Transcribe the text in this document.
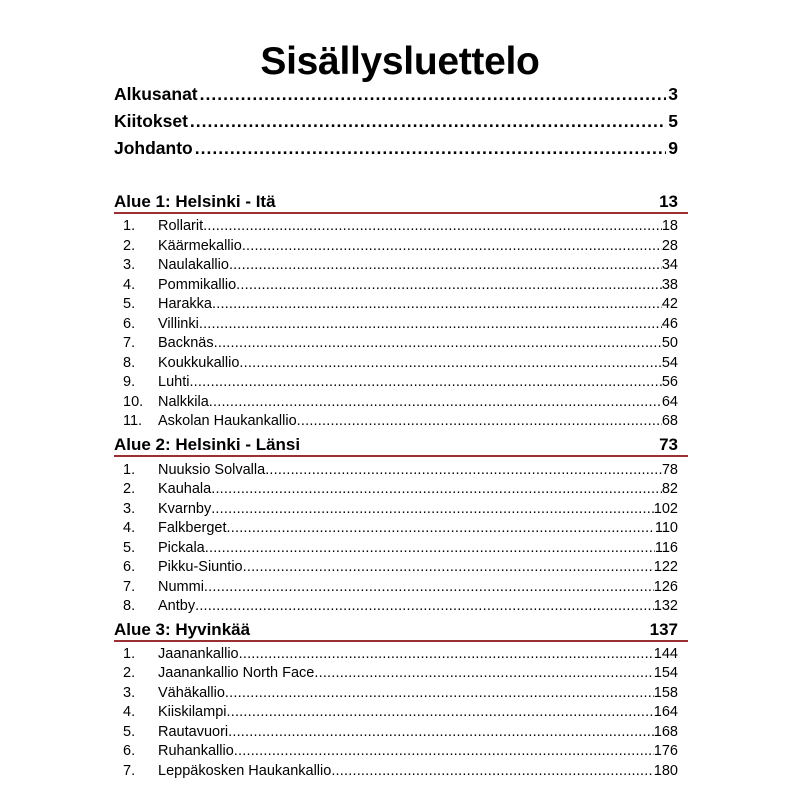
Sisällysluettelo
Alkusanat .....	3
Kiitokset .....	5
Johdanto .....	9
Alue 1: Helsinki - Itä	13
1.	Rollarit .....	18
2.	Käärmekallio .....	28
3.	Naulakallio .....	34
4.	Pommikallio .....	38
5.	Harakka .....	42
6.	Villinki .....	46
7.	Backnäs .....	50
8.	Koukkukallio .....	54
9.	Luhti .....	56
10.	Nalkkila .....	64
11.	Askolan Haukankallio .....	68
Alue 2: Helsinki - Länsi	73
1.	Nuuksio Solvalla .....	78
2.	Kauhala .....	82
3.	Kvarnby .....	102
4.	Falkberget .....	110
5.	Pickala .....	116
6.	Pikku-Siuntio .....	122
7.	Nummi .....	126
8.	Antby .....	132
Alue 3: Hyvinkää	137
1.	Jaanankallio .....	144
2.	Jaanankallio North Face .....	154
3.	Vähäkallio .....	158
4.	Kiiskilampi .....	164
5.	Rautavuori .....	168
6.	Ruhankallio .....	176
7.	Leppäkosken Haukankallio .....	180
